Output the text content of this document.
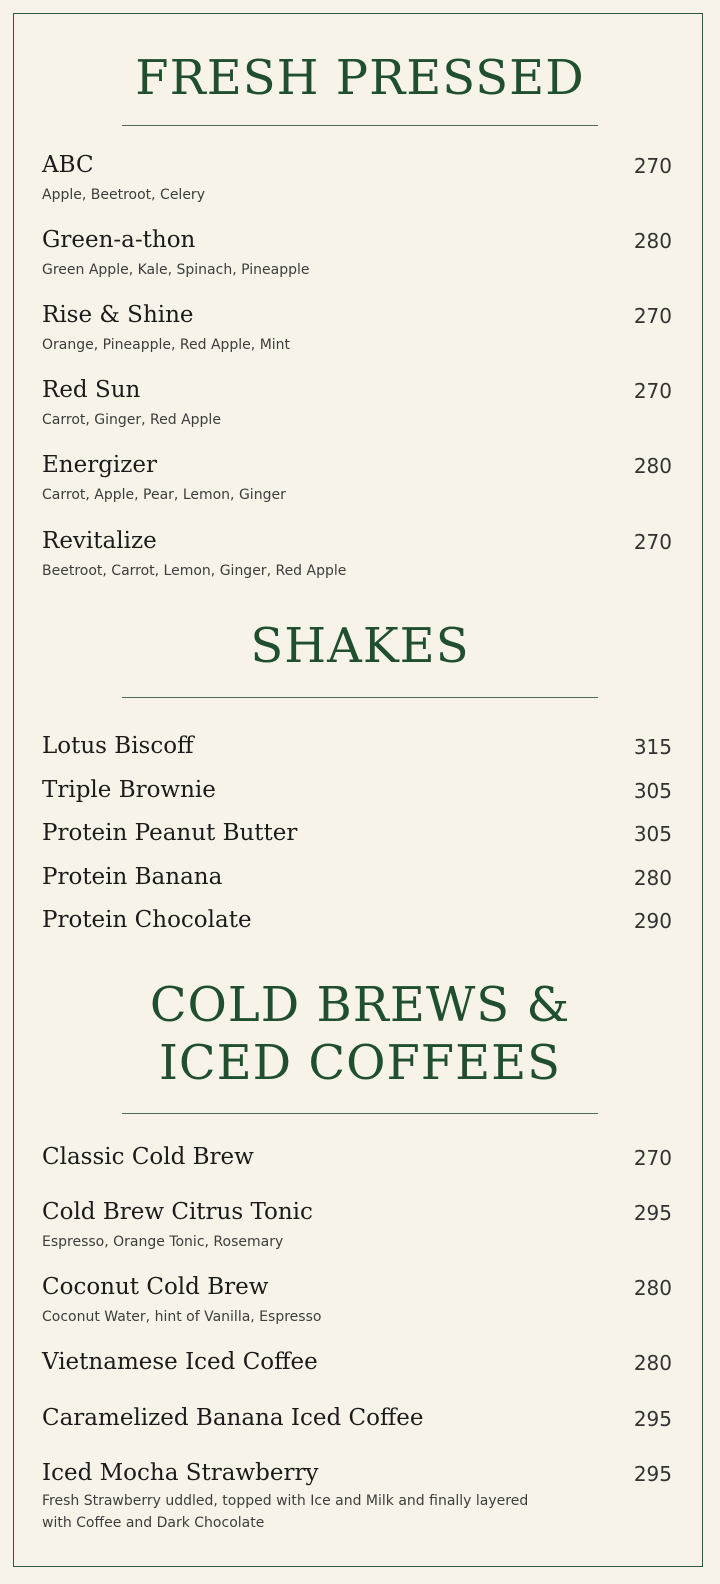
FRESH PRESSED
ABC
Apple, Beetroot, Celery
270
Green-a-thon
Green Apple, Kale, Spinach, Pineapple
280
Rise & Shine
Orange, Pineapple, Red Apple, Mint
270
Red Sun
Carrot, Ginger, Red Apple
270
Energizer
Carrot, Apple, Pear, Lemon, Ginger
280
Revitalize
Beetroot, Carrot, Lemon, Ginger, Red Apple
270
SHAKES
Lotus Biscoff	315
Triple Brownie	305
Protein Peanut Butter	305
Protein Banana	280
Protein Chocolate	290
COLD BREWS &
ICED COFFEES
Classic Cold Brew	270
Cold Brew Citrus Tonic
Espresso, Orange Tonic, Rosemary
295
Coconut Cold Brew
Coconut Water, hint of Vanilla, Espresso
280
Vietnamese Iced Coffee	280
Caramelized Banana Iced Coffee	295
Iced Mocha Strawberry
Fresh Strawberry uddled, topped with Ice and Milk and finally layered
with Coffee and Dark Chocolate
295
